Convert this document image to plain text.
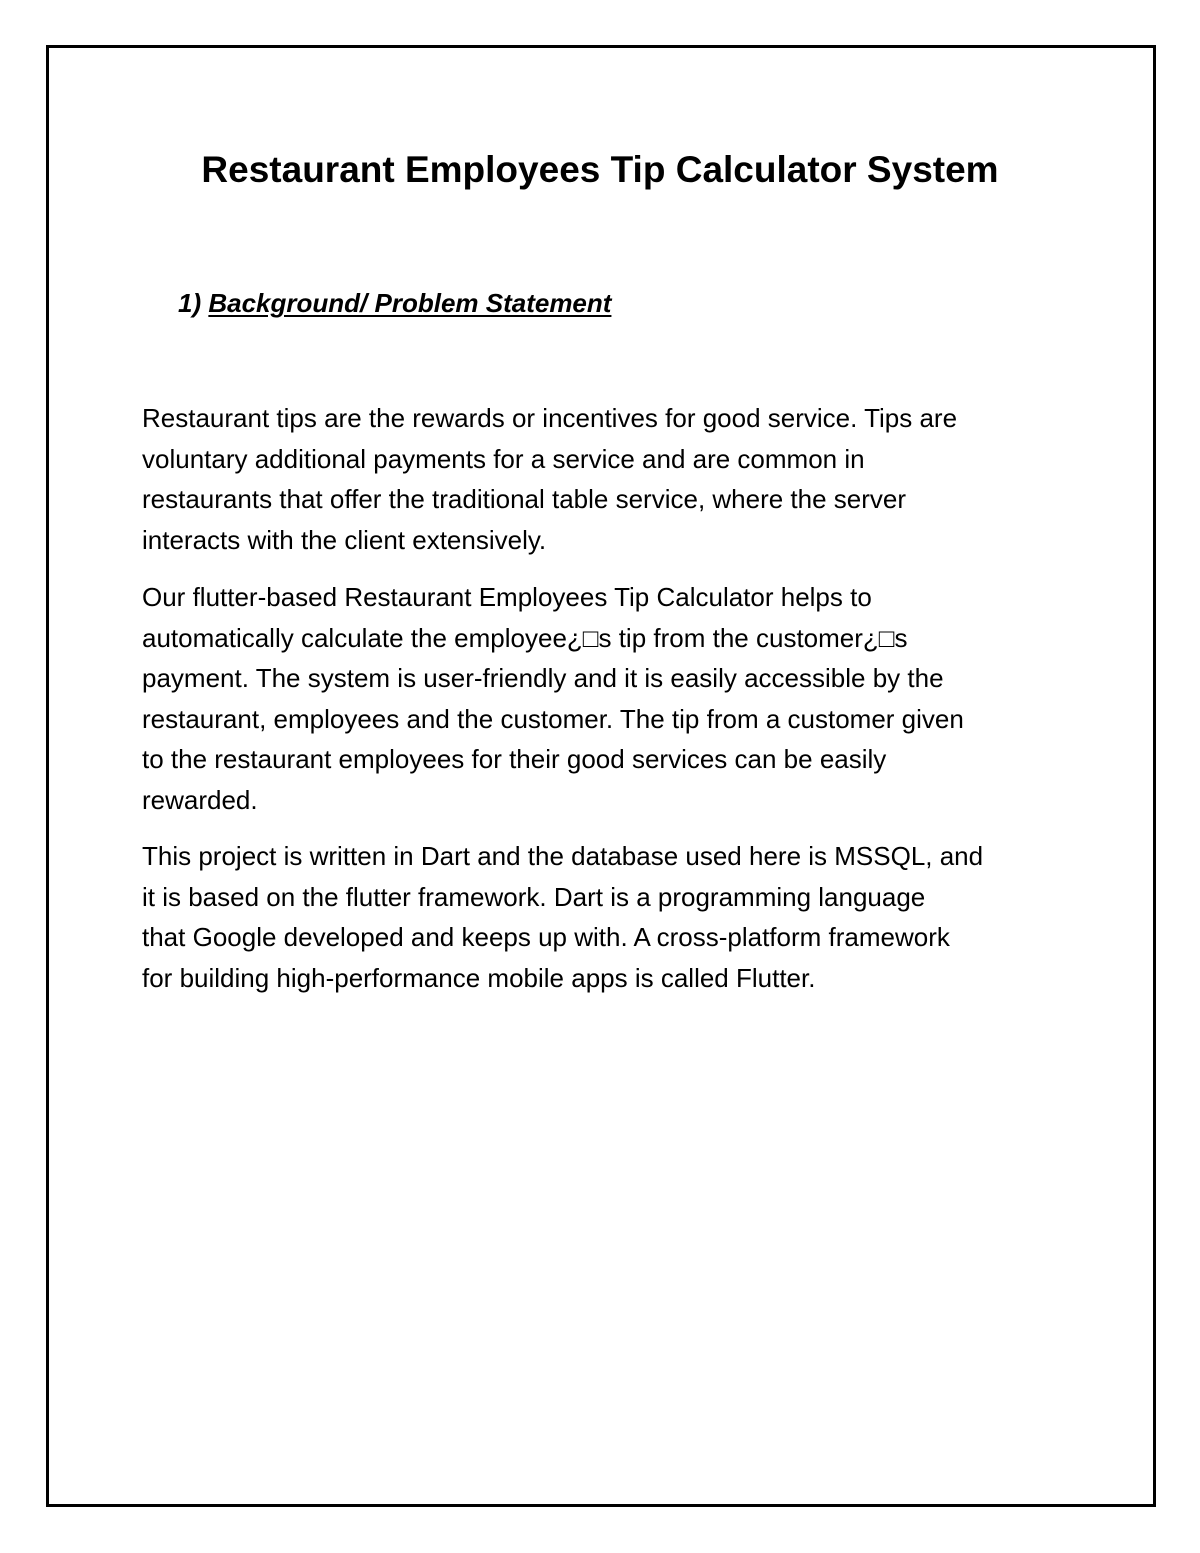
Restaurant Employees Tip Calculator System
1) Background/ Problem Statement

Restaurant tips are the rewards or incentives for good service. Tips are
voluntary additional payments for a service and are common in
restaurants that offer the traditional table service, where the server
interacts with the client extensively.

Our flutter-based Restaurant Employees Tip Calculator helps to
automatically calculate the employee¿□s tip from the customer¿□s
payment. The system is user-friendly and it is easily accessible by the
restaurant, employees and the customer. The tip from a customer given
to the restaurant employees for their good services can be easily
rewarded.

This project is written in Dart and the database used here is MSSQL, and
it is based on the flutter framework. Dart is a programming language
that Google developed and keeps up with. A cross-platform framework
for building high-performance mobile apps is called Flutter.
